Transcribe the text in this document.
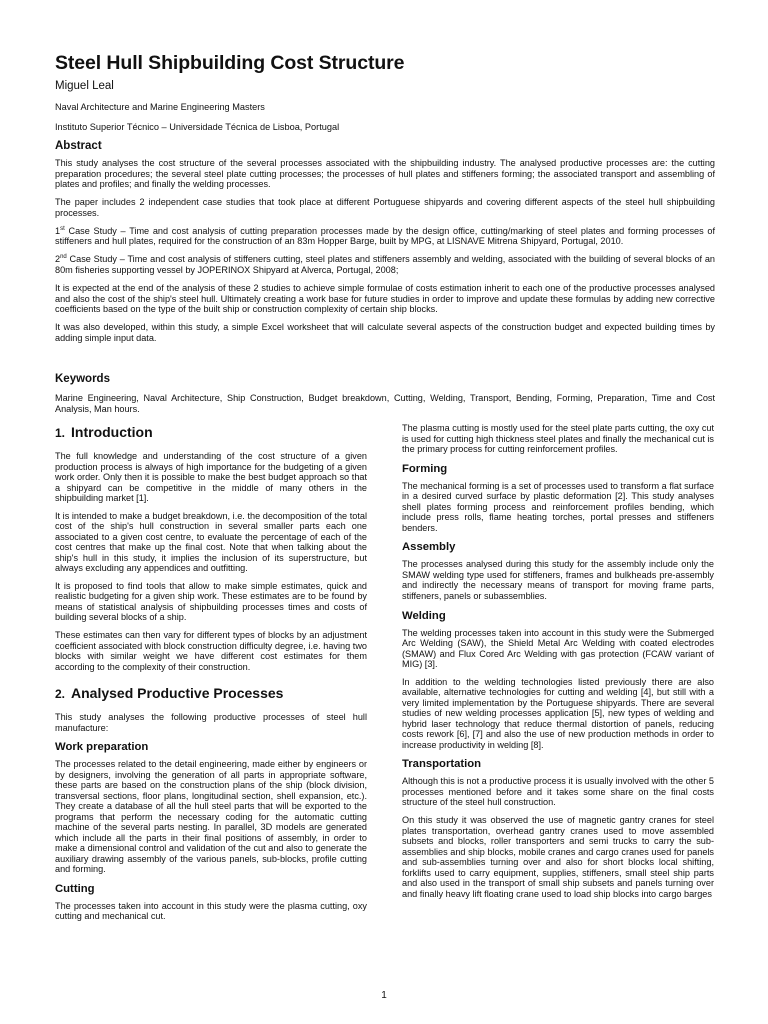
Steel Hull Shipbuilding Cost Structure

Miguel Leal

Naval Architecture and Marine Engineering Masters

Instituto Superior Técnico – Universidade Técnica de Lisboa, Portugal

Abstract

This study analyses the cost structure of the several processes associated with the shipbuilding industry. The analysed productive processes are: the cutting preparation procedures; the several steel plate cutting processes; the processes of hull plates and stiffeners forming; the associated transport and assembling of plates and profiles; and finally the welding processes.

The paper includes 2 independent case studies that took place at different Portuguese shipyards and covering different aspects of the steel hull shipbuilding processes.

1st Case Study – Time and cost analysis of cutting preparation processes made by the design office, cutting/marking of steel plates and forming processes of stiffeners and hull plates, required for the construction of an 83m Hopper Barge, built by MPG, at LISNAVE Mitrena Shipyard, Portugal, 2010.

2nd Case Study – Time and cost analysis of stiffeners cutting, steel plates and stiffeners assembly and welding, associated with the building of several blocks of an 80m fisheries supporting vessel by JOPERINOX Shipyard at Alverca, Portugal, 2008;

It is expected at the end of the analysis of these 2 studies to achieve simple formulae of costs estimation inherit to each one of the productive processes analysed and also the cost of the ship's steel hull. Ultimately creating a work base for future studies in order to improve and update these formulas by adding new corrective coefficients based on the type of the built ship or construction complexity of certain ship blocks.

It was also developed, within this study, a simple Excel worksheet that will calculate several aspects of the construction budget and expected building times by adding simple input data.

Keywords

Marine Engineering, Naval Architecture, Ship Construction, Budget breakdown, Cutting, Welding, Transport, Bending, Forming, Preparation, Time and Cost Analysis, Man hours.

1. Introduction

The full knowledge and understanding of the cost structure of a given production process is always of high importance for the budgeting of a given work order. Only then it is possible to make the best budget approach so that a shipyard can be competitive in the middle of many others in the shipbuilding market [1].

It is intended to make a budget breakdown, i.e. the decomposition of the total cost of the ship's hull construction in several smaller parts each one associated to a given cost centre, to evaluate the percentage of each of the cost centres that make up the final cost. Note that when talking about the ship's hull in this study, it implies the inclusion of its superstructure, but always excluding any appendices and outfitting.

It is proposed to find tools that allow to make simple estimates, quick and realistic budgeting for a given ship work. These estimates are to be found by means of statistical analysis of shipbuilding processes times and costs of building several blocks of a ship.

These estimates can then vary for different types of blocks by an adjustment coefficient associated with block construction difficulty degree, i.e. having two blocks with similar weight we have different cost estimates for them according to the complexity of their construction.

2. Analysed Productive Processes

This study analyses the following productive processes of steel hull manufacture:

Work preparation

The processes related to the detail engineering, made either by engineers or by designers, involving the generation of all parts in appropriate software, these parts are based on the construction plans of the ship (block division, transversal sections, floor plans, longitudinal section, shell expansion, etc.). They create a database of all the hull steel parts that will be exported to the programs that perform the necessary coding for the automatic cutting machine of the several parts nesting. In parallel, 3D models are generated which include all the parts in their final positions of assembly, in order to make a dimensional control and validation of the cut and also to generate the auxiliary drawing assembly of the various panels, sub-blocks, profile cutting and forming.

Cutting

The processes taken into account in this study were the plasma cutting, oxy cutting and mechanical cut.

The plasma cutting is mostly used for the steel plate parts cutting, the oxy cut is used for cutting high thickness steel plates and finally the mechanical cut is the primary process for cutting reinforcement profiles.

Forming

The mechanical forming is a set of processes used to transform a flat surface in a desired curved surface by plastic deformation [2]. This study analyses shell plates forming process and reinforcement profiles bending, which include press rolls, flame heating torches, portal presses and stiffeners benders.

Assembly

The processes analysed during this study for the assembly include only the SMAW welding type used for stiffeners, frames and bulkheads pre-assembly and indirectly the necessary means of transport for moving frame parts, stiffeners, panels or subassemblies.

Welding

The welding processes taken into account in this study were the Submerged Arc Welding (SAW), the Shield Metal Arc Welding with coated electrodes (SMAW) and Flux Cored Arc Welding with gas protection (FCAW variant of MIG) [3].

In addition to the welding technologies listed previously there are also available, alternative technologies for cutting and welding [4], but still with a very limited implementation by the Portuguese shipyards. There are several studies of new welding processes application [5], new types of welding and hybrid laser technology that reduce thermal distortion of panels, reducing costs rework [6], [7] and also the use of new production methods in order to increase productivity in welding [8].

Transportation

Although this is not a productive process it is usually involved with the other 5 processes mentioned before and it takes some share on the final costs structure of the steel hull construction.

On this study it was observed the use of magnetic gantry cranes for steel plates transportation, overhead gantry cranes used to move assembled subsets and blocks, roller transporters and semi trucks to carry the sub-assemblies and ship blocks, mobile cranes and cargo cranes used for panels and sub-assemblies turning over and also for short blocks local shifting, forklifts used to carry equipment, supplies, stiffeners, small steel ship parts and also used in the transport of small ship subsets and panels turning over and finally heavy lift floating crane used to load ship blocks into cargo barges

1
